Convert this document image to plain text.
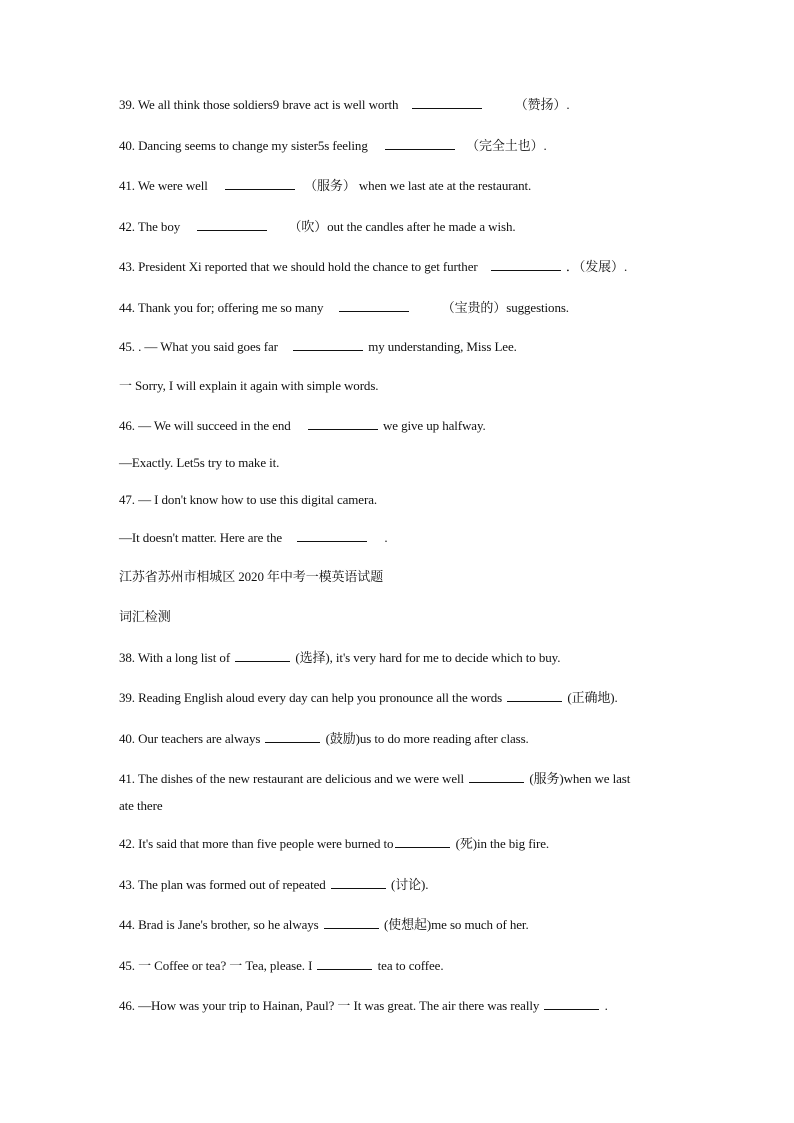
39. We all think those soldiers9 brave act is well worth	（赞扬）.
40. Dancing seems to change my sister5s feeling	（完全土也）.
41. We were well	（服务） when we last ate at the restaurant.
42. The boy	（吹）out the candles after he made a wish.
43. President Xi reported that we should hold the chance to get further	．（发展）.
44. Thank you for; offering me so many	（宝贵的）suggestions.
45. . — What you said goes far	my understanding, Miss Lee.
一 Sorry, I will explain it again with simple words.
46. — We will succeed in the end	we give up halfway.
—Exactly. Let5s try to make it.
47. — I don't know how to use this digital camera.
—It doesn't matter. Here are the	.
江苏省苏州市相城区 2020 年中考一模英语试题
词汇检测
38. With a long list of	(选择), it's very hard for me to decide which to buy.
39. Reading English aloud every day can help you pronounce all the words	(正确地).
40. Our teachers are always	(鼓励)us to do more reading after class.
41. The dishes of the new restaurant are delicious and we were well	(服务)when we last
ate there
42. It's said that more than five people were burned to	(死)in the big fire.
43. The plan was formed out of repeated	(讨论).
44. Brad is Jane's brother, so he always	(使想起)me so much of her.
45. 一 Coffee or tea? 一 Tea, please. I	tea to coffee.
46. —How was your trip to Hainan, Paul? 一 It was great. The air there was really	.
